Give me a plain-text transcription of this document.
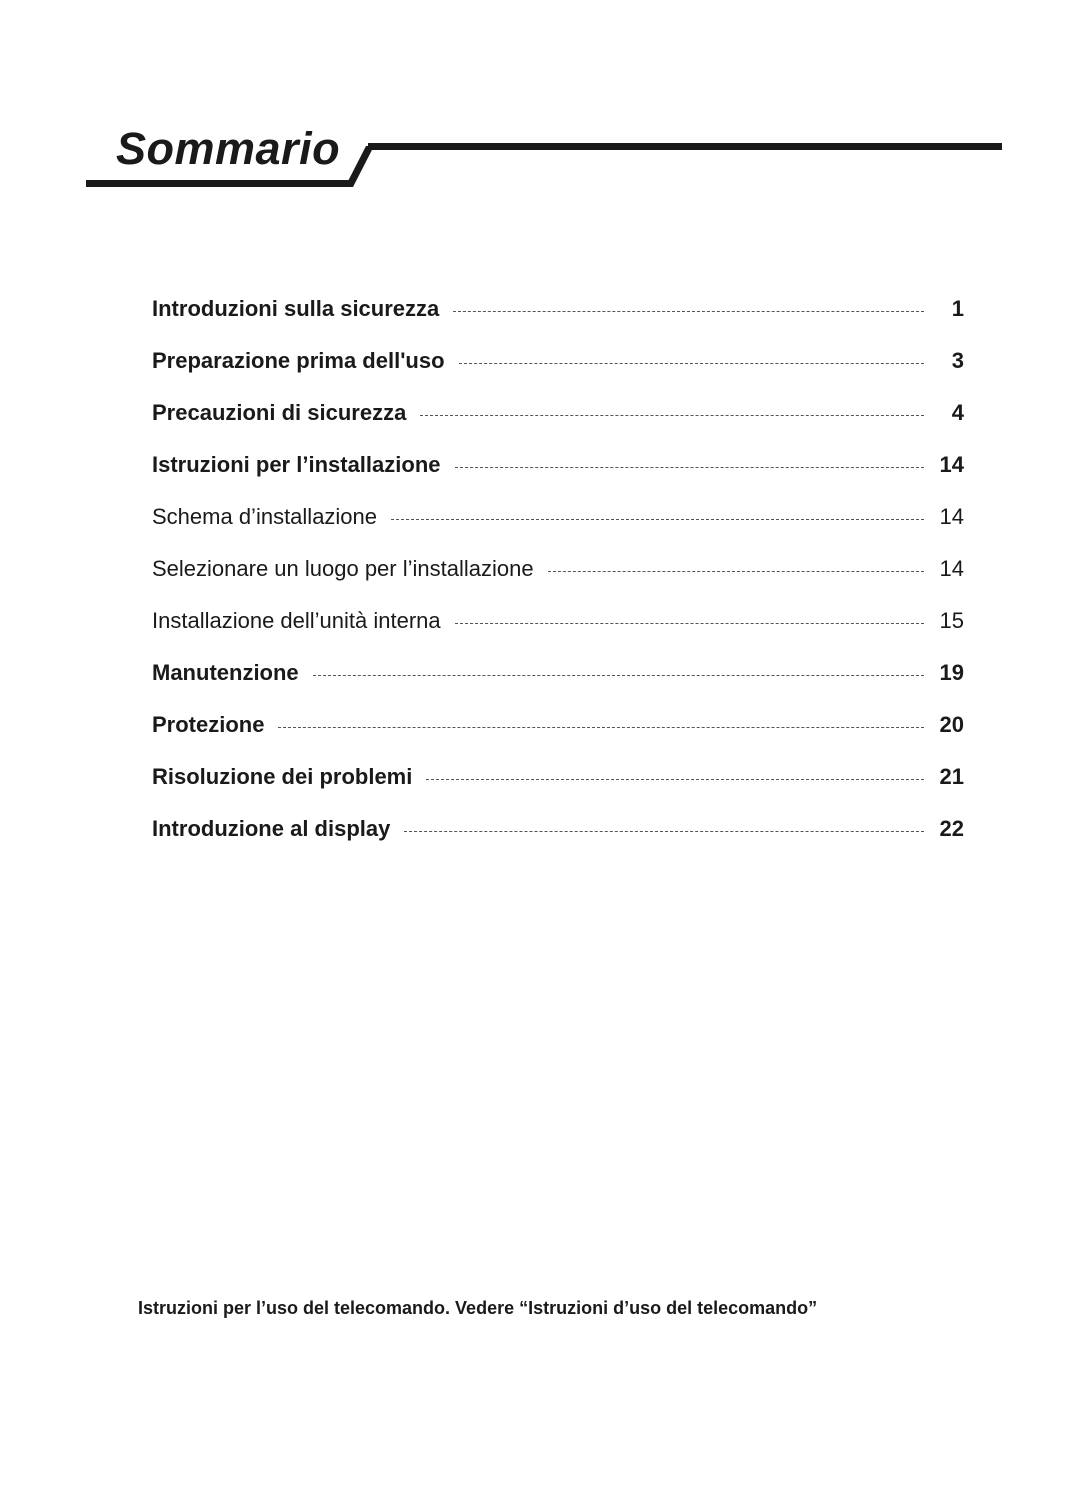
Sommario
Introduzioni sulla sicurezza	1
Preparazione prima dell'uso	3
Precauzioni di sicurezza	4
Istruzioni per l’installazione	14
Schema d’installazione	14
Selezionare un luogo per l’installazione	14
Installazione dell’unità interna	15
Manutenzione	19
Protezione	20
Risoluzione dei problemi	21
Introduzione al display	22
Istruzioni per l’uso del telecomando. Vedere “Istruzioni d’uso del telecomando”
